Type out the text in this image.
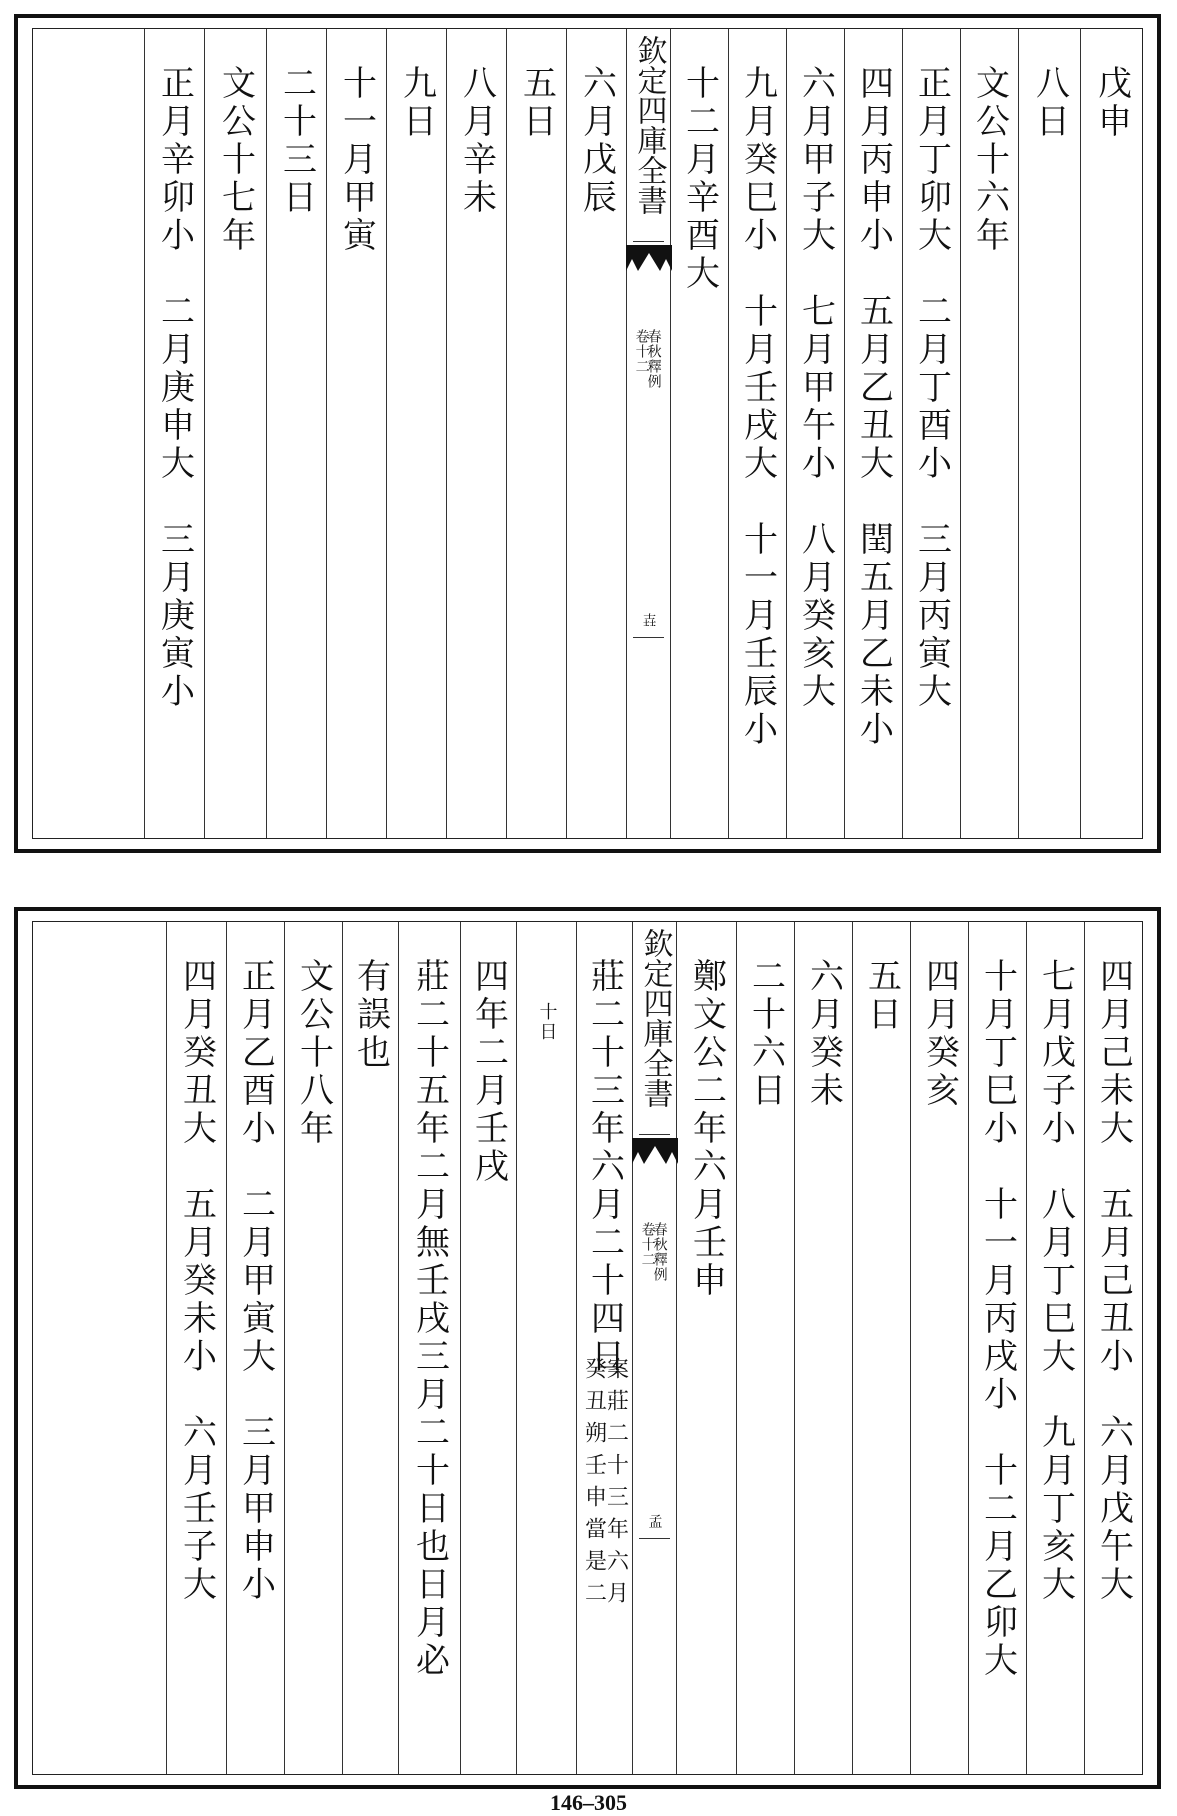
戊申
八日
文公十六年
正月丁卯大　二月丁酉小　三月丙寅大
四月丙申小　五月乙丑大　閏五月乙未小
六月甲子大　七月甲午小　八月癸亥大
九月癸巳小　十月壬戌大　十一月壬辰小
十二月辛酉大
欽定四庫全書
春秋釋例
卷十二
壵
六月戊辰
五日
八月辛未
九日
十一月甲寅
二十三日
文公十七年
正月辛卯小　二月庚申大　三月庚寅小
四月己未大　五月己丑小　六月戊午大
七月戊子小　八月丁巳大　九月丁亥大
十月丁巳小　十一月丙戌小　十二月乙卯大
四月癸亥
五日
六月癸未
二十六日
鄭文公二年六月壬申
欽定四庫全書
春秋釋例
卷十二
孟
莊二十三年六月二十四日
案莊二十三年六月
癸丑朔壬申當是二
十日
四年二月壬戌
莊二十五年二月無壬戌三月二十日也日月必
有誤也
文公十八年
正月乙酉小　二月甲寅大　三月甲申小
四月癸丑大　五月癸未小　六月壬子大
146–305
